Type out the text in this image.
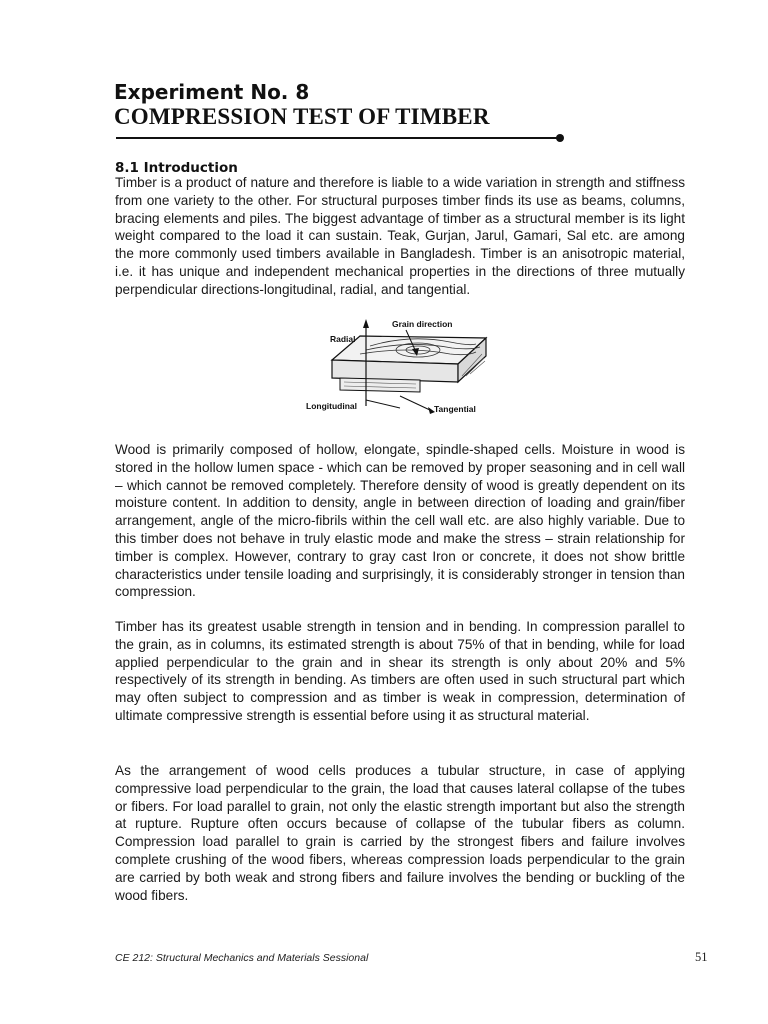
Experiment No. 8
COMPRESSION TEST OF TIMBER
8.1 Introduction

Timber is a product of nature and therefore is liable to a wide variation in strength and stiffness from one variety to the other. For structural purposes timber finds its use as beams, columns, bracing elements and piles. The biggest advantage of timber as a structural member is its light weight compared to the load it can sustain. Teak, Gurjan, Jarul, Gamari, Sal etc. are among the more commonly used timbers available in Bangladesh. Timber is an anisotropic material, i.e. it has unique and independent mechanical properties in the directions of three mutually perpendicular directions-longitudinal, radial, and tangential.

Grain direction
Radial
Longitudinal	Tangential

Wood is primarily composed of hollow, elongate, spindle-shaped cells. Moisture in wood is stored in the hollow lumen space - which can be removed by proper seasoning and in cell wall – which cannot be removed completely. Therefore density of wood is greatly dependent on its moisture content. In addition to density, angle in between direction of loading and grain/fiber arrangement, angle of the micro-fibrils within the cell wall etc. are also highly variable. Due to this timber does not behave in truly elastic mode and make the stress – strain relationship for timber is complex. However, contrary to gray cast Iron or concrete, it does not show brittle characteristics under tensile loading and surprisingly, it is considerably stronger in tension than compression.

Timber has its greatest usable strength in tension and in bending. In compression parallel to the grain, as in columns, its estimated strength is about 75% of that in bending, while for load applied perpendicular to the grain and in shear its strength is only about 20% and 5% respectively of its strength in bending. As timbers are often used in such structural part which may often subject to compression and as timber is weak in compression, determination of ultimate compressive strength is essential before using it as structural material.

As the arrangement of wood cells produces a tubular structure, in case of applying compressive load perpendicular to the grain, the load that causes lateral collapse of the tubes or fibers. For load parallel to grain, not only the elastic strength important but also the strength at rupture. Rupture often occurs because of collapse of the tubular fibers as column. Compression load parallel to grain is carried by the strongest fibers and failure involves complete crushing of the wood fibers, whereas compression loads perpendicular to the grain are carried by both weak and strong fibers and failure involves the bending or buckling of the wood fibers.

CE 212: Structural Mechanics and Materials Sessional	51
